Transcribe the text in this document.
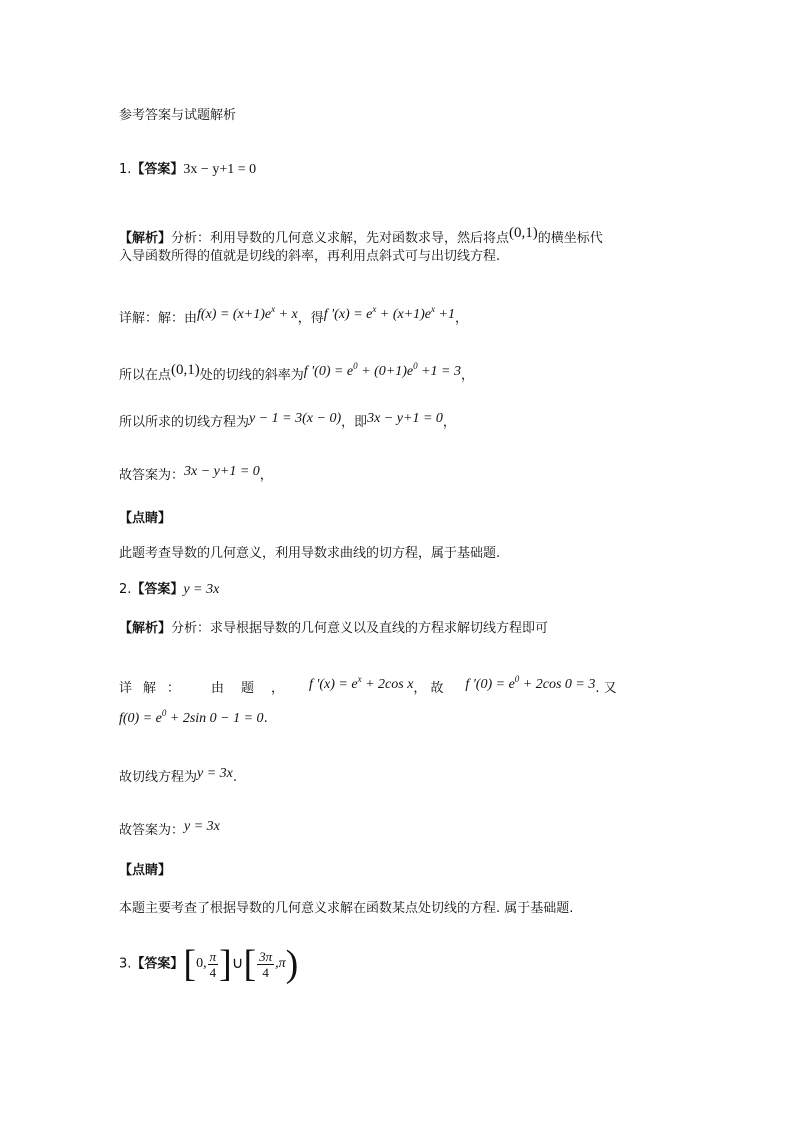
参考答案与试题解析
1.【答案】3x − y+1 = 0
【解析】分析：利用导数的几何意义求解，先对函数求导，然后将点(0,1)的横坐标代
入导函数所得的值就是切线的斜率，再利用点斜式可与出切线方程.
详解：解：由$f(x) = (x+1)e^x + x$，得f '$(x) = e^x + (x+1)e^x +1$，
所以在点(0,1)处的切线的斜率为f '$(0) = e^0 + (0+1)e^0 +1 = 3$，
所以所求的切线方程为y − 1 = 3(x − 0)，即3x − y+1 = 0，
故答案为：3x − y+1 = 0，
【点睛】
此题考查导数的几何意义，利用导数求曲线的切方程，属于基础题.
2.【答案】y = 3x
【解析】分析：求导根据导数的几何意义以及直线的方程求解切线方程即可
详 解 ： 由 题 ， f '$(x) = e^x + 2\cos$ x， 故 f '$(0) = e^0 + 2\cos$ 0 = 3. 又
$f(0) = e^0 + 2\sin$ 0 − 1 = 0.
故切线方程为y = 3x.
故答案为：y = 3x
【点睛】
本题主要考查了根据导数的几何意义求解在函数某点处切线的方程. 属于基础题.
3.【答案】[0, $\frac{\pi}{4}$ ]∪[ $\frac{3\pi}{4} ,\pi$)
